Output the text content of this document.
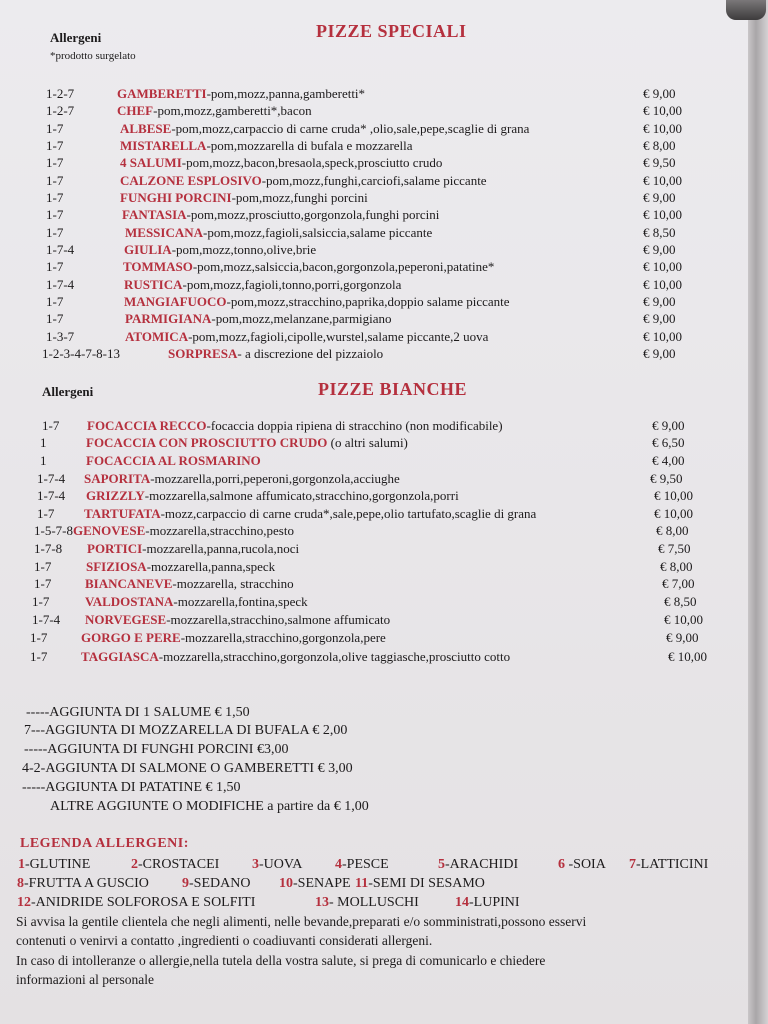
Allergeni
*prodotto surgelato
PIZZE SPECIALI
1-2-7	GAMBERETTI-pom,mozz,panna,gamberetti*	€ 9,00
1-2-7	CHEF-pom,mozz,gamberetti*,bacon	€ 10,00
1-7	ALBESE-pom,mozz,carpaccio di carne cruda* ,olio,sale,pepe,scaglie di grana	€ 10,00
1-7	MISTARELLA-pom,mozzarella di bufala e mozzarella	€ 8,00
1-7	4 SALUMI-pom,mozz,bacon,bresaola,speck,prosciutto crudo	€ 9,50
1-7	CALZONE ESPLOSIVO-pom,mozz,funghi,carciofi,salame piccante	€ 10,00
1-7	FUNGHI PORCINI-pom,mozz,funghi porcini	€ 9,00
1-7	FANTASIA-pom,mozz,prosciutto,gorgonzola,funghi porcini	€ 10,00
1-7	MESSICANA-pom,mozz,fagioli,salsiccia,salame piccante	€ 8,50
1-7-4	GIULIA-pom,mozz,tonno,olive,brie	€ 9,00
1-7	TOMMASO-pom,mozz,salsiccia,bacon,gorgonzola,peperoni,patatine*	€ 10,00
1-7-4	RUSTICA-pom,mozz,fagioli,tonno,porri,gorgonzola	€ 10,00
1-7	MANGIAFUOCO-pom,mozz,stracchino,paprika,doppio salame piccante	€ 9,00
1-7	PARMIGIANA-pom,mozz,melanzane,parmigiano	€ 9,00
1-3-7	ATOMICA-pom,mozz,fagioli,cipolle,wurstel,salame piccante,2 uova	€ 10,00
1-2-3-4-7-8-13	SORPRESA- a discrezione del pizzaiolo	€ 9,00
Allergeni	PIZZE BIANCHE
1-7 FOCACCIA RECCO-focaccia doppia ripiena di stracchino (non modificabile)	€ 9,00
1	FOCACCIA CON PROSCIUTTO CRUDO (o altri salumi)	€ 6,50
1	FOCACCIA AL ROSMARINO	€ 4,00
1-7-4 SAPORITA-mozzarella,porri,peperoni,gorgonzola,acciughe	€ 9,50
1-7-4 GRIZZLY-mozzarella,salmone affumicato,stracchino,gorgonzola,porri	€ 10,00
1-7 TARTUFATA-mozz,carpaccio di carne cruda*,sale,pepe,olio tartufato,scaglie di grana	€ 10,00
1-5-7-8 GENOVESE-mozzarella,stracchino,pesto	€ 8,00
1-7-8 PORTICI-mozzarella,panna,rucola,noci	€ 7,50
1-7	SFIZIOSA-mozzarella,panna,speck	€ 8,00
1-7	BIANCANEVE-mozzarella, stracchino	€ 7,00
1-7	VALDOSTANA-mozzarella,fontina,speck	€ 8,50
1-7-4 NORVEGESE-mozzarella,stracchino,salmone affumicato	€ 10,00
1-7	GORGO E PERE-mozzarella,stracchino,gorgonzola,pere	€ 9,00
1-7	TAGGIASCA-mozzarella,stracchino,gorgonzola,olive taggiasche,prosciutto cotto	€ 10,00
-----AGGIUNTA DI 1 SALUME € 1,50
7---AGGIUNTA DI MOZZARELLA DI BUFALA € 2,00
-----AGGIUNTA DI FUNGHI PORCINI €3,00
4-2-AGGIUNTA DI SALMONE O GAMBERETTI € 3,00
-----AGGIUNTA DI PATATINE € 1,50
ALTRE AGGIUNTE O MODIFICHE a partire da € 1,00
LEGENDA ALLERGENI:
1-GLUTINE	2-CROSTACEI 3-UOVA 4-PESCE	5-ARACHIDI	6 -SOIA 7-LATTICINI
8-FRUTTA A GUSCIO 9-SEDANO 10-SENAPE 11-SEMI DI SESAMO
12-ANIDRIDE SOLFOROSA E SOLFITI	13- MOLLUSCHI	14-LUPINI
Si avvisa la gentile clientela che negli alimenti, nelle bevande,preparati e/o somministrati,possono esservi
contenuti o venirvi a contatto ,ingredienti o coadiuvanti considerati allergeni.
In caso di intolleranze o allergie,nella tutela della vostra salute, si prega di comunicarlo e chiedere
informazioni al personale
